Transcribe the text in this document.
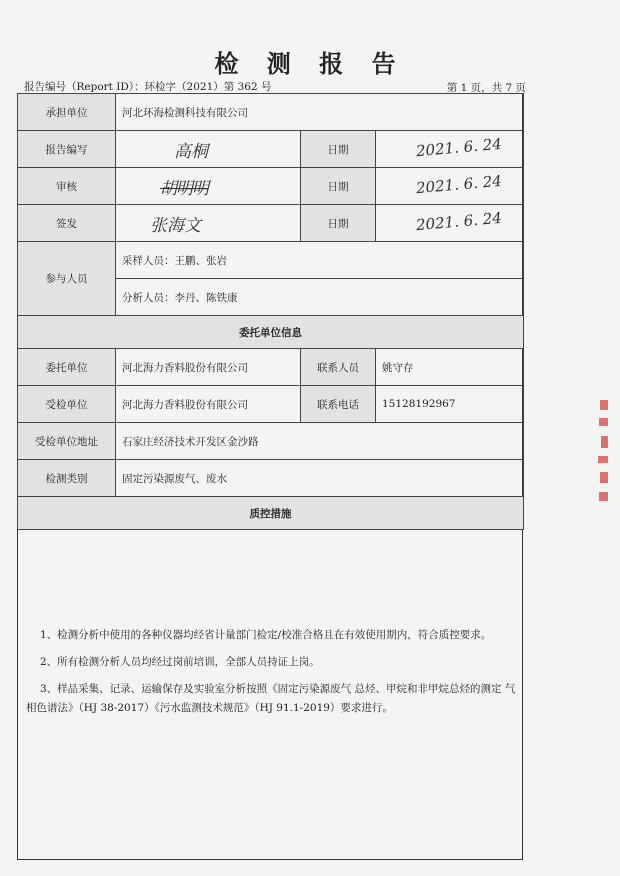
检 测 报 告
报告编号（Report ID）：环检字（2021）第 362 号	第 1 页，共 7 页
承担单位	河北环海检测科技有限公司		
报告编写	高桐	日期	2021. 6. 24
审核	胡明明	日期	2021. 6. 24
签发	张海文	日期	2021. 6. 24
参与人员	采样人员：王鹏、张岩		
	分析人员：李丹、陈铁康		
委托单位信息			
委托单位	河北海力香料股份有限公司	联系人员	姚守存
受检单位	河北海力香料股份有限公司	联系电话	15128192967
受检单位地址	石家庄经济技术开发区金沙路		
检测类别	固定污染源废气、废水		
质控措施			

1、检测分析中使用的各种仪器均经省计量部门检定/校准合格且在有效使用期内，符合质控要求。

2、所有检测分析人员均经过岗前培训，全部人员持证上岗。

3、样品采集、记录、运输保存及实验室分析按照《固定污染源废气 总烃、甲烷和非甲烷总烃的测定 气相色谱法》（HJ 38-2017）《污水监测技术规范》（HJ 91.1-2019）要求进行。
